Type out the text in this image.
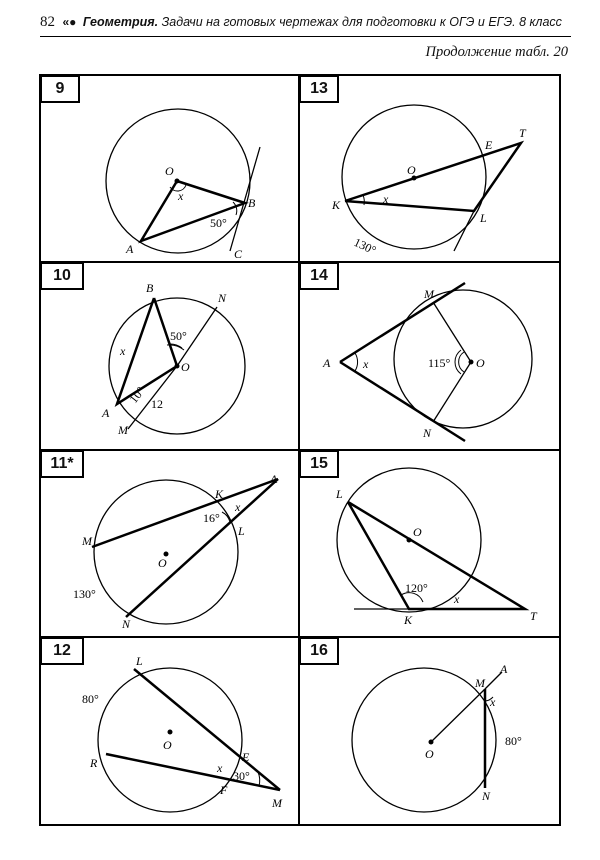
82 «● Геометрия. Задачи на готовых чертежах для подготовки к ОГЭ и ЕГЭ. 8 класс
Продолжение табл. 20
9
O
B
A	C
x
50°
13
O
K
E
T
L
x
130°
10
B
N
O
A
M
x
50°
10° 12
14
M
A
N
O
x	115°
11*
K
A
L
M
N
O
x
16°
130°
15
L
O
K	T
x
120°
12
L
O
R	E
F
M
x
30°
80°
16
M
A
O
N
x
80°
